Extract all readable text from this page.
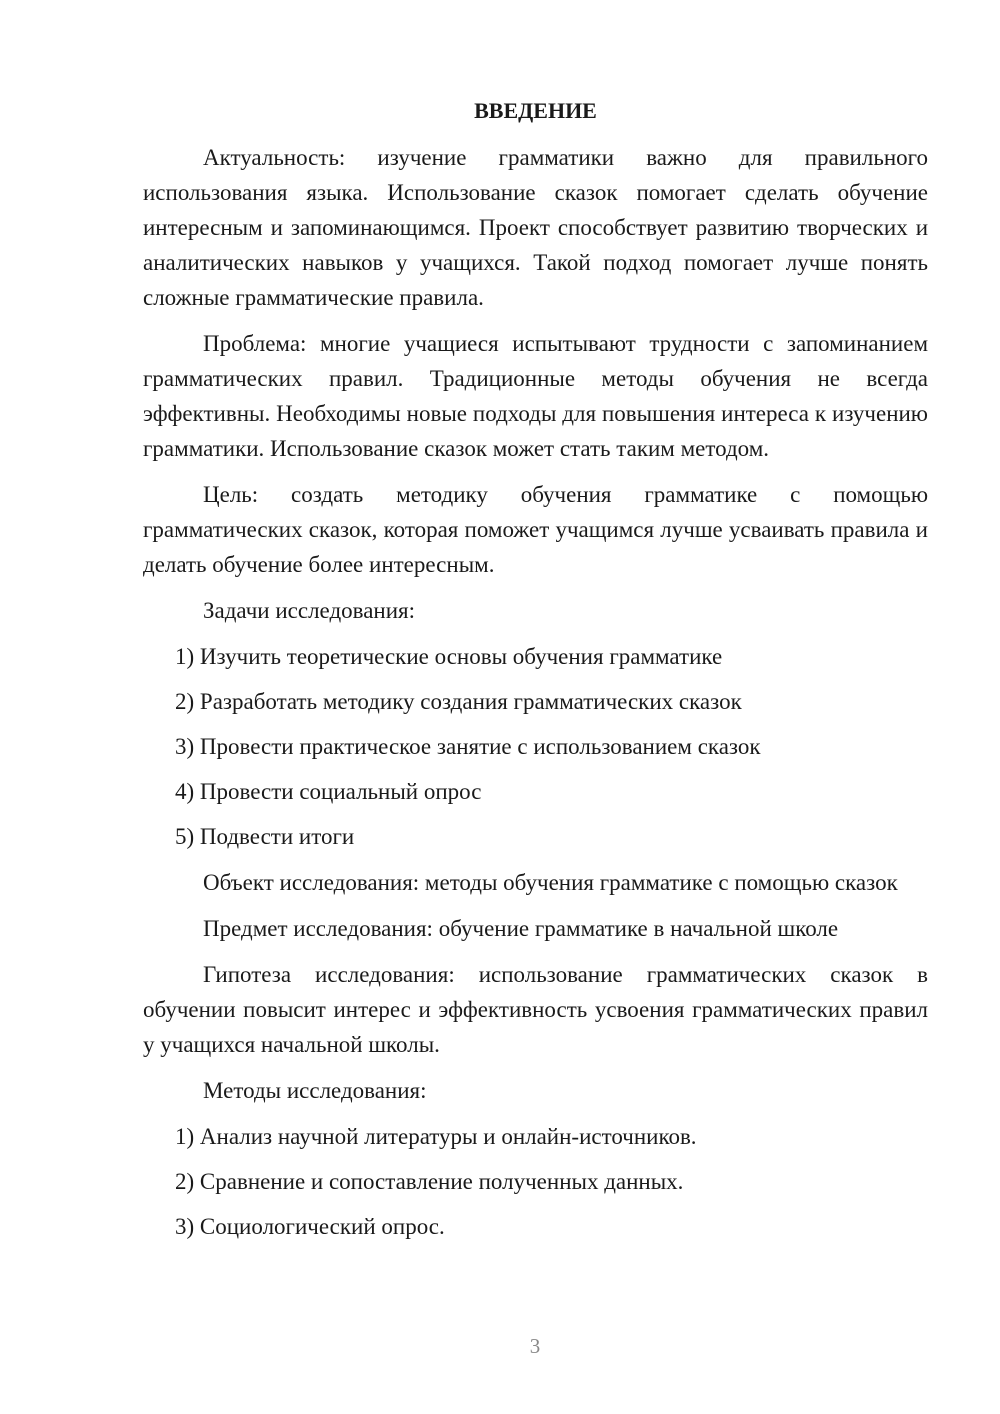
ВВЕДЕНИЕ

Актуальность: изучение грамматики важно для правильного использования языка. Использование сказок помогает сделать обучение интересным и запоминающимся. Проект способствует развитию творческих и аналитических навыков у учащихся. Такой подход помогает лучше понять сложные грамматические правила.

Проблема: многие учащиеся испытывают трудности с запоминанием грамматических правил. Традиционные методы обучения не всегда эффективны. Необходимы новые подходы для повышения интереса к изучению грамматики. Использование сказок может стать таким методом.

Цель: создать методику обучения грамматике с помощью грамматических сказок, которая поможет учащимся лучше усваивать правила и делать обучение более интересным.

Задачи исследования:

1) Изучить теоретические основы обучения грамматике
2) Разработать методику создания грамматических сказок
3) Провести практическое занятие с использованием сказок
4) Провести социальный опрос
5) Подвести итоги

Объект исследования: методы обучения грамматике с помощью сказок

Предмет исследования: обучение грамматике в начальной школе

Гипотеза исследования: использование грамматических сказок в обучении повысит интерес и эффективность усвоения грамматических правил у учащихся начальной школы.

Методы исследования:

1) Анализ научной литературы и онлайн-источников.
2) Сравнение и сопоставление полученных данных.
3) Социологический опрос.
3
